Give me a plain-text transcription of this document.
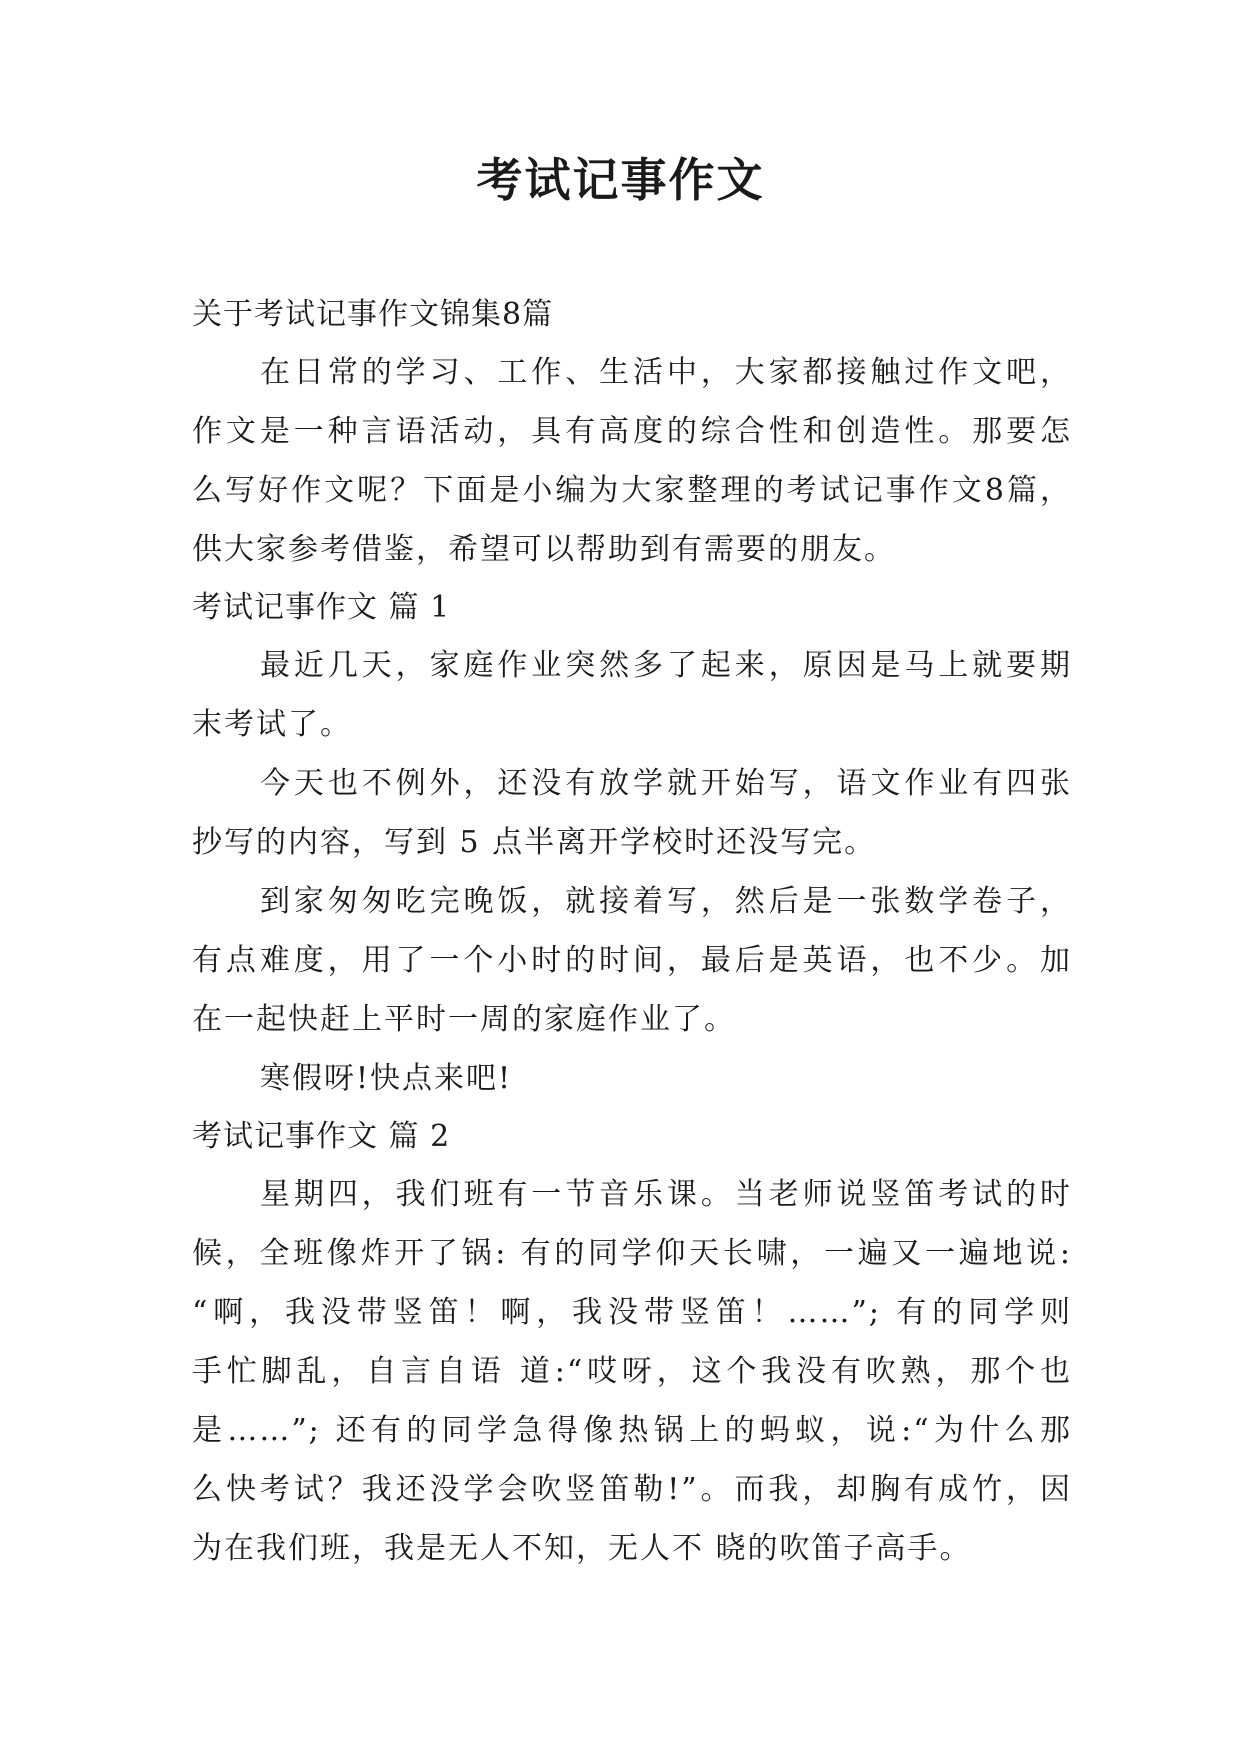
考试记事作文
关于考试记事作文锦集8篇
在日常的学习、工作、生活中，大家都接触过作文吧，
作文是一种言语活动，具有高度的综合性和创造性。那要怎
么写好作文呢？下面是小编为大家整理的考试记事作文8篇，
供大家参考借鉴，希望可以帮助到有需要的朋友。
考试记事作文 篇 1
最近几天，家庭作业突然多了起来，原因是马上就要期
末考试了。
今天也不例外，还没有放学就开始写，语文作业有四张
抄写的内容，写到 5 点半离开学校时还没写完。
到家匆匆吃完晚饭，就接着写，然后是一张数学卷子，
有点难度，用了一个小时的时间，最后是英语，也不少。加
在一起快赶上平时一周的家庭作业了。
寒假呀!快点来吧!
考试记事作文 篇 2
星期四，我们班有一节音乐课。当老师说竖笛考试的时
候，全班像炸开了锅: 有的同学仰天长啸，一遍又一遍地说:
“啊，我没带竖笛！啊，我没带竖笛！……”; 有的同学则
手忙脚乱，自言自语 道:“哎呀，这个我没有吹熟，那个也
是……”; 还有的同学急得像热锅上的蚂蚁，说:“为什么那
么快考试？我还没学会吹竖笛勒!”。而我，却胸有成竹，因
为在我们班，我是无人不知，无人不 晓的吹笛子高手。
